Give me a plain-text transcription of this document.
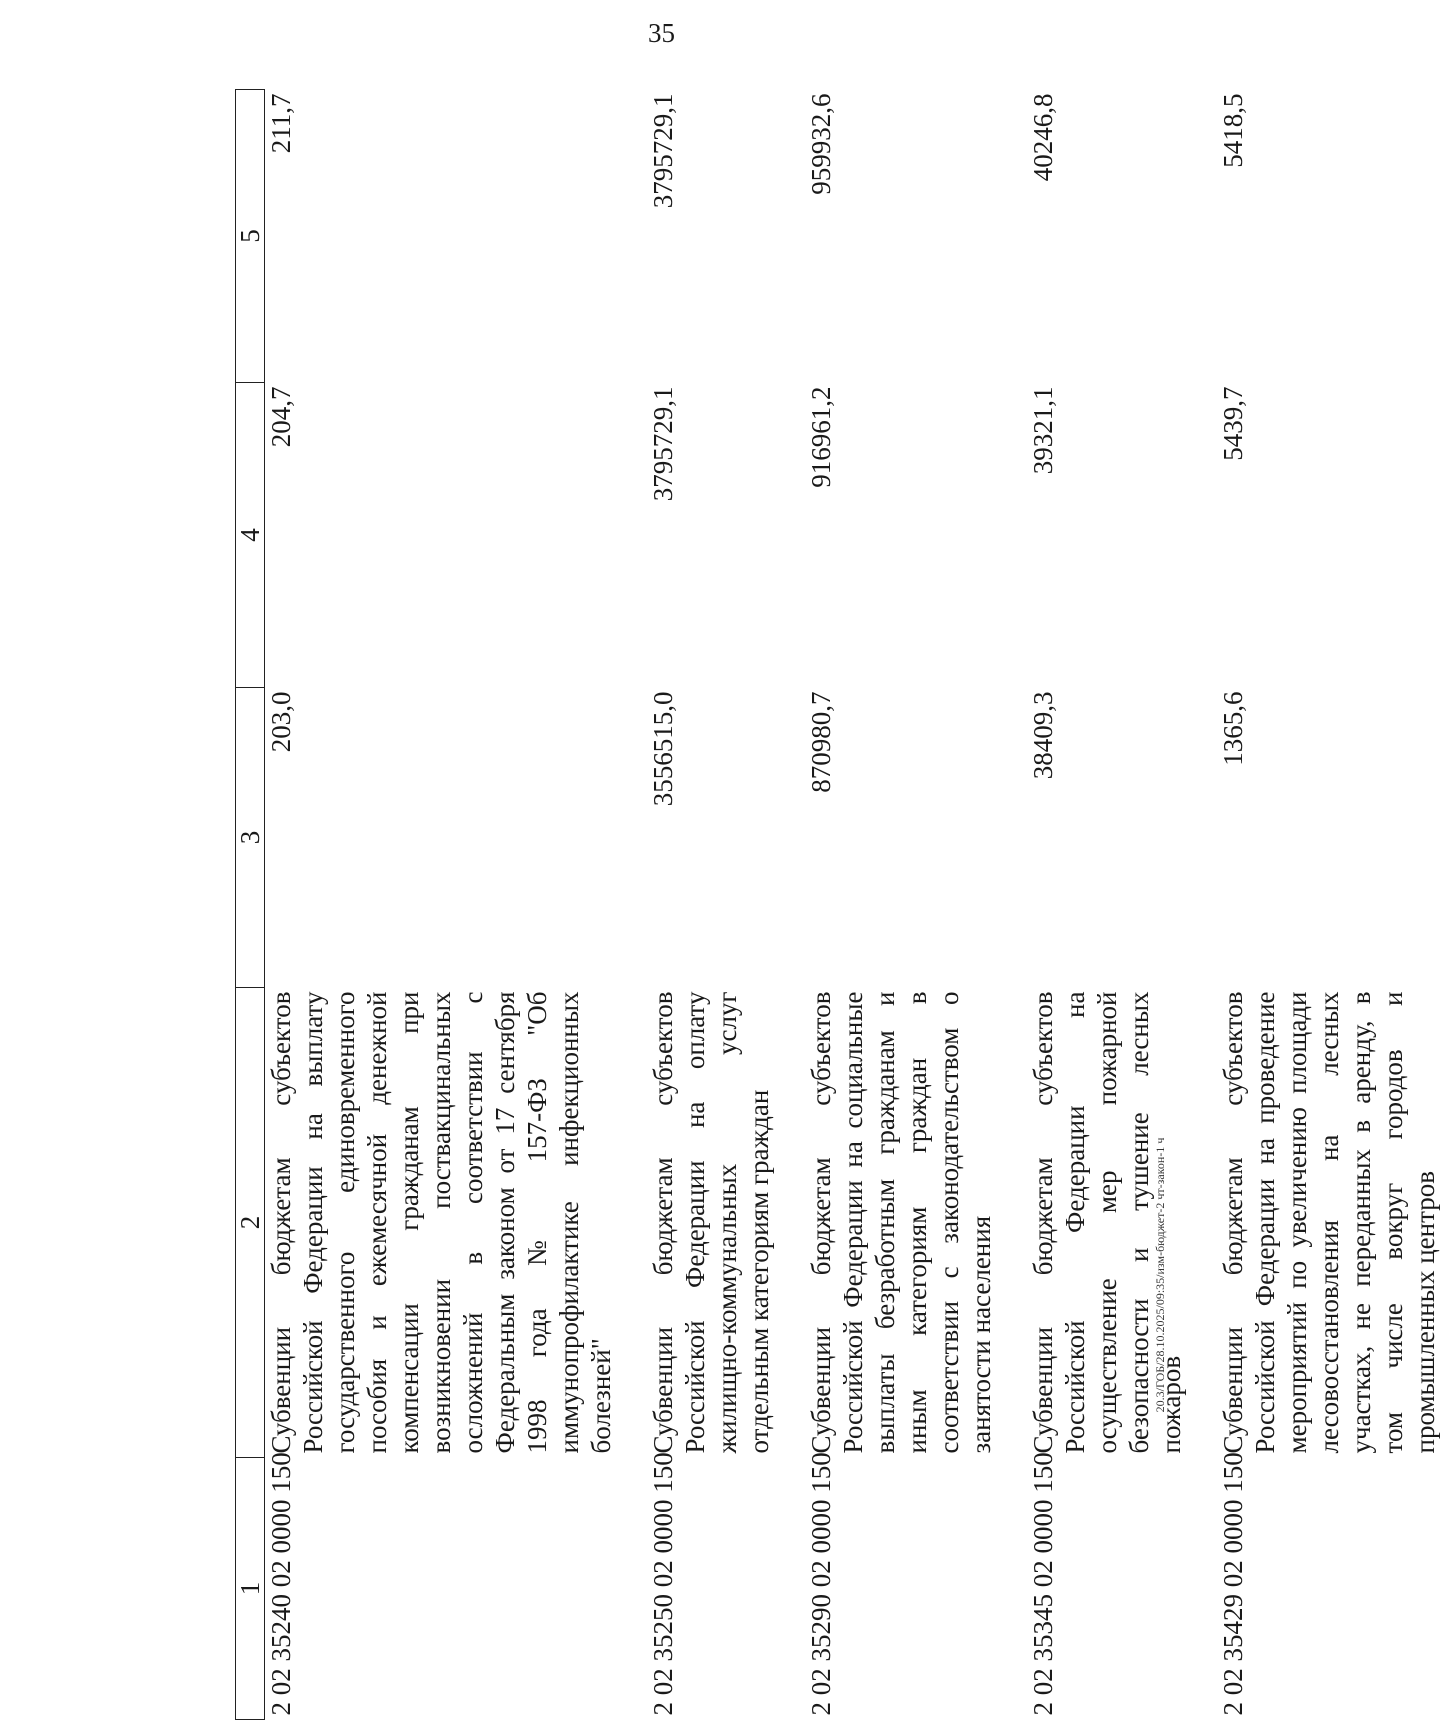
35
20.3/ГОБ/28.10.2025/09:35/изм-бюджет-2 чт-закон-1 ч
1	2	3	4	5
2 02 35240 02 0000 150	Субвенции бюджетам субъектов Российской Федерации на выплату государственного единовременного пособия и ежемесячной денежной компенсации гражданам при возникновении поствакцинальных осложнений в соответствии с Федеральным законом от 17 сентября 1998 года № 157-ФЗ "Об иммунопрофилактике инфекционных болезней"	203,0	204,7	211,7

2 02 35250 02 0000 150	Субвенции бюджетам субъектов Российской Федерации на оплату жилищно-коммунальных услуг отдельным категориям граждан	3556515,0	3795729,1	3795729,1

2 02 35290 02 0000 150	Субвенции бюджетам субъектов Российской Федерации на социальные выплаты безработным гражданам и иным категориям граждан в соответствии с законодательством о занятости населения	870980,7	916961,2	959932,6

2 02 35345 02 0000 150	Субвенции бюджетам субъектов Российской Федерации на осуществление мер пожарной безопасности и тушение лесных пожаров	38409,3	39321,1	40246,8

2 02 35429 02 0000 150	Субвенции бюджетам субъектов Российской Федерации на проведение мероприятий по увеличению площади лесовосстановления на лесных участках, не переданных в аренду, в том числе вокруг городов и промышленных центров	1365,6	5439,7	5418,5
